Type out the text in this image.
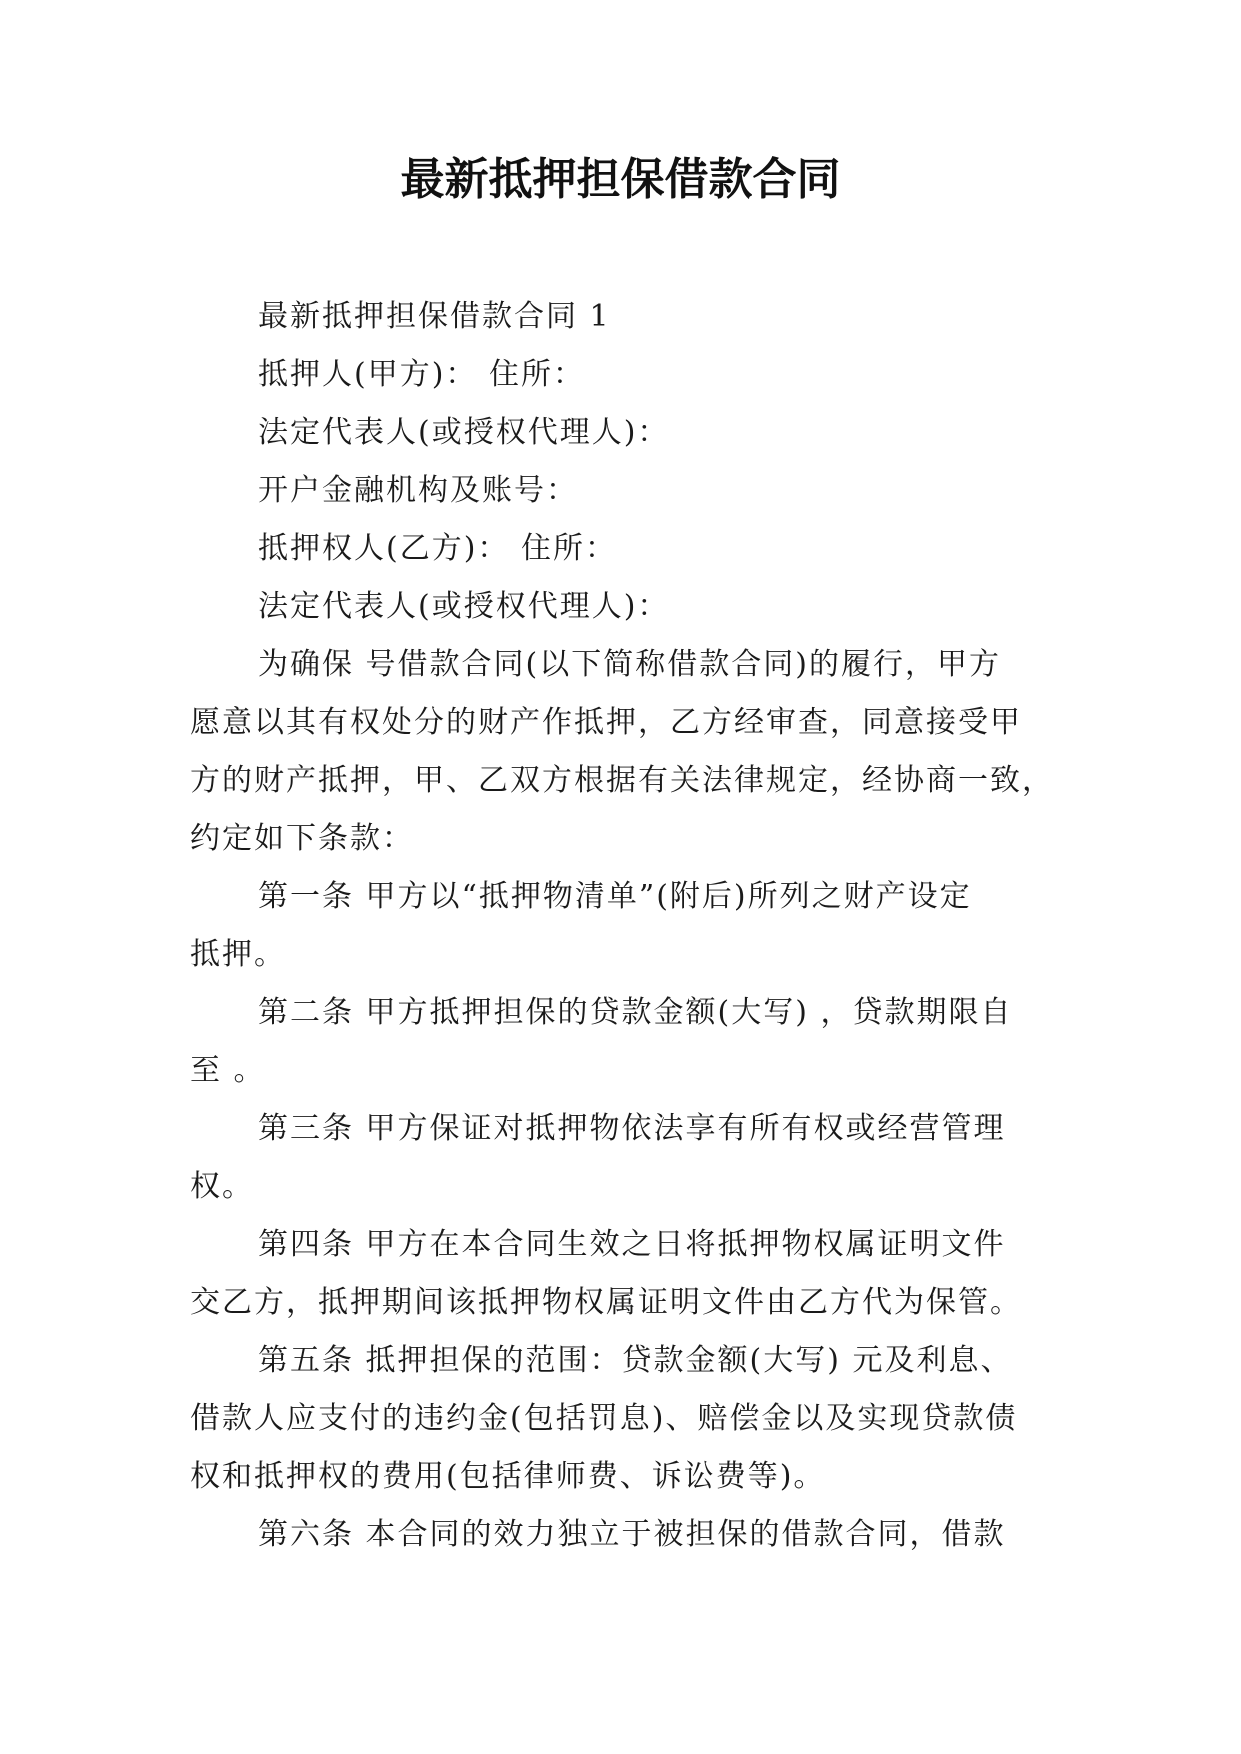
最新抵押担保借款合同
最新抵押担保借款合同 1
抵押人(甲方)： 住所：
法定代表人(或授权代理人)：
开户金融机构及账号：
抵押权人(乙方)： 住所：
法定代表人(或授权代理人)：
为确保 号借款合同(以下简称借款合同)的履行，甲方
愿意以其有权处分的财产作抵押，乙方经审查，同意接受甲
方的财产抵押，甲、乙双方根据有关法律规定，经协商一致，
约定如下条款：
第一条 甲方以“抵押物清单”(附后)所列之财产设定
抵押。
第二条 甲方抵押担保的贷款金额(大写) ，贷款期限自
至 。
第三条 甲方保证对抵押物依法享有所有权或经营管理
权。
第四条 甲方在本合同生效之日将抵押物权属证明文件
交乙方，抵押期间该抵押物权属证明文件由乙方代为保管。
第五条 抵押担保的范围：贷款金额(大写) 元及利息、
借款人应支付的违约金(包括罚息)、赔偿金以及实现贷款债
权和抵押权的费用(包括律师费、诉讼费等)。
第六条 本合同的效力独立于被担保的借款合同，借款
